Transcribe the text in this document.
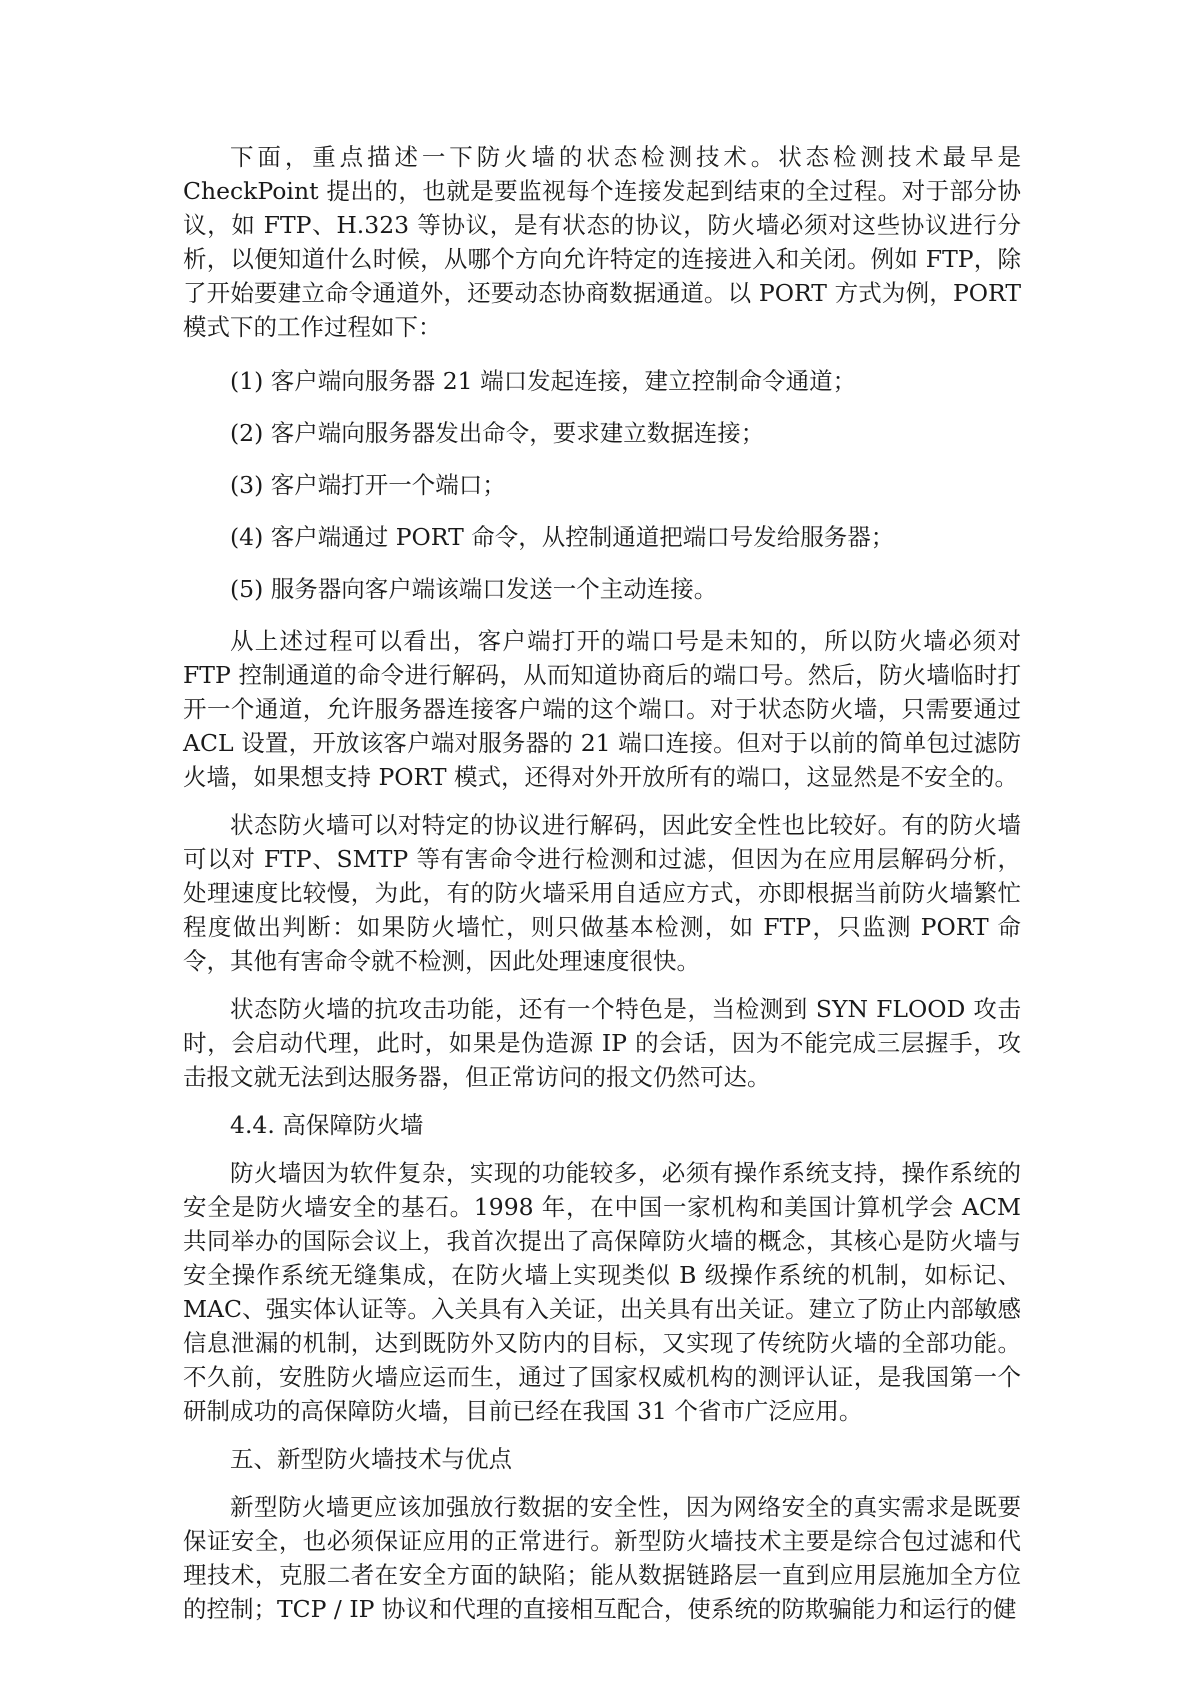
下面，重点描述一下防火墙的状态检测技术。状态检测技术最早是CheckPoint 提出的，也就是要监视每个连接发起到结束的全过程。对于部分协议，如 FTP、H.323 等协议，是有状态的协议，防火墙必须对这些协议进行分析，以便知道什么时候，从哪个方向允许特定的连接进入和关闭。例如 FTP，除了开始要建立命令通道外，还要动态协商数据通道。以 PORT 方式为例，PORT 模式下的工作过程如下：

(1) 客户端向服务器 21 端口发起连接，建立控制命令通道；

(2) 客户端向服务器发出命令，要求建立数据连接；

(3) 客户端打开一个端口；

(4) 客户端通过 PORT 命令，从控制通道把端口号发给服务器；

(5) 服务器向客户端该端口发送一个主动连接。

从上述过程可以看出，客户端打开的端口号是未知的，所以防火墙必须对 FTP 控制通道的命令进行解码，从而知道协商后的端口号。然后，防火墙临时打开一个通道，允许服务器连接客户端的这个端口。对于状态防火墙，只需要通过 ACL 设置，开放该客户端对服务器的 21 端口连接。但对于以前的简单包过滤防火墙，如果想支持 PORT 模式，还得对外开放所有的端口，这显然是不安全的。

状态防火墙可以对特定的协议进行解码，因此安全性也比较好。有的防火墙可以对 FTP、SMTP 等有害命令进行检测和过滤，但因为在应用层解码分析，处理速度比较慢，为此，有的防火墙采用自适应方式，亦即根据当前防火墙繁忙程度做出判断：如果防火墙忙，则只做基本检测，如 FTP，只监测 PORT 命令，其他有害命令就不检测，因此处理速度很快。

状态防火墙的抗攻击功能，还有一个特色是，当检测到 SYN FLOOD 攻击时，会启动代理，此时，如果是伪造源 IP 的会话，因为不能完成三层握手，攻击报文就无法到达服务器，但正常访问的报文仍然可达。

4.4. 高保障防火墙

防火墙因为软件复杂，实现的功能较多，必须有操作系统支持，操作系统的安全是防火墙安全的基石。1998 年，在中国一家机构和美国计算机学会 ACM 共同举办的国际会议上，我首次提出了高保障防火墙的概念，其核心是防火墙与安全操作系统无缝集成，在防火墙上实现类似 B 级操作系统的机制，如标记、MAC、强实体认证等。入关具有入关证，出关具有出关证。建立了防止内部敏感信息泄漏的机制，达到既防外又防内的目标，又实现了传统防火墙的全部功能。不久前，安胜防火墙应运而生，通过了国家权威机构的测评认证，是我国第一个研制成功的高保障防火墙，目前已经在我国 31 个省市广泛应用。

五、新型防火墙技术与优点

新型防火墙更应该加强放行数据的安全性，因为网络安全的真实需求是既要保证安全，也必须保证应用的正常进行。新型防火墙技术主要是综合包过滤和代理技术，克服二者在安全方面的缺陷；能从数据链路层一直到应用层施加全方位的控制；TCP / IP 协议和代理的直接相互配合，使系统的防欺骗能力和运行的健
